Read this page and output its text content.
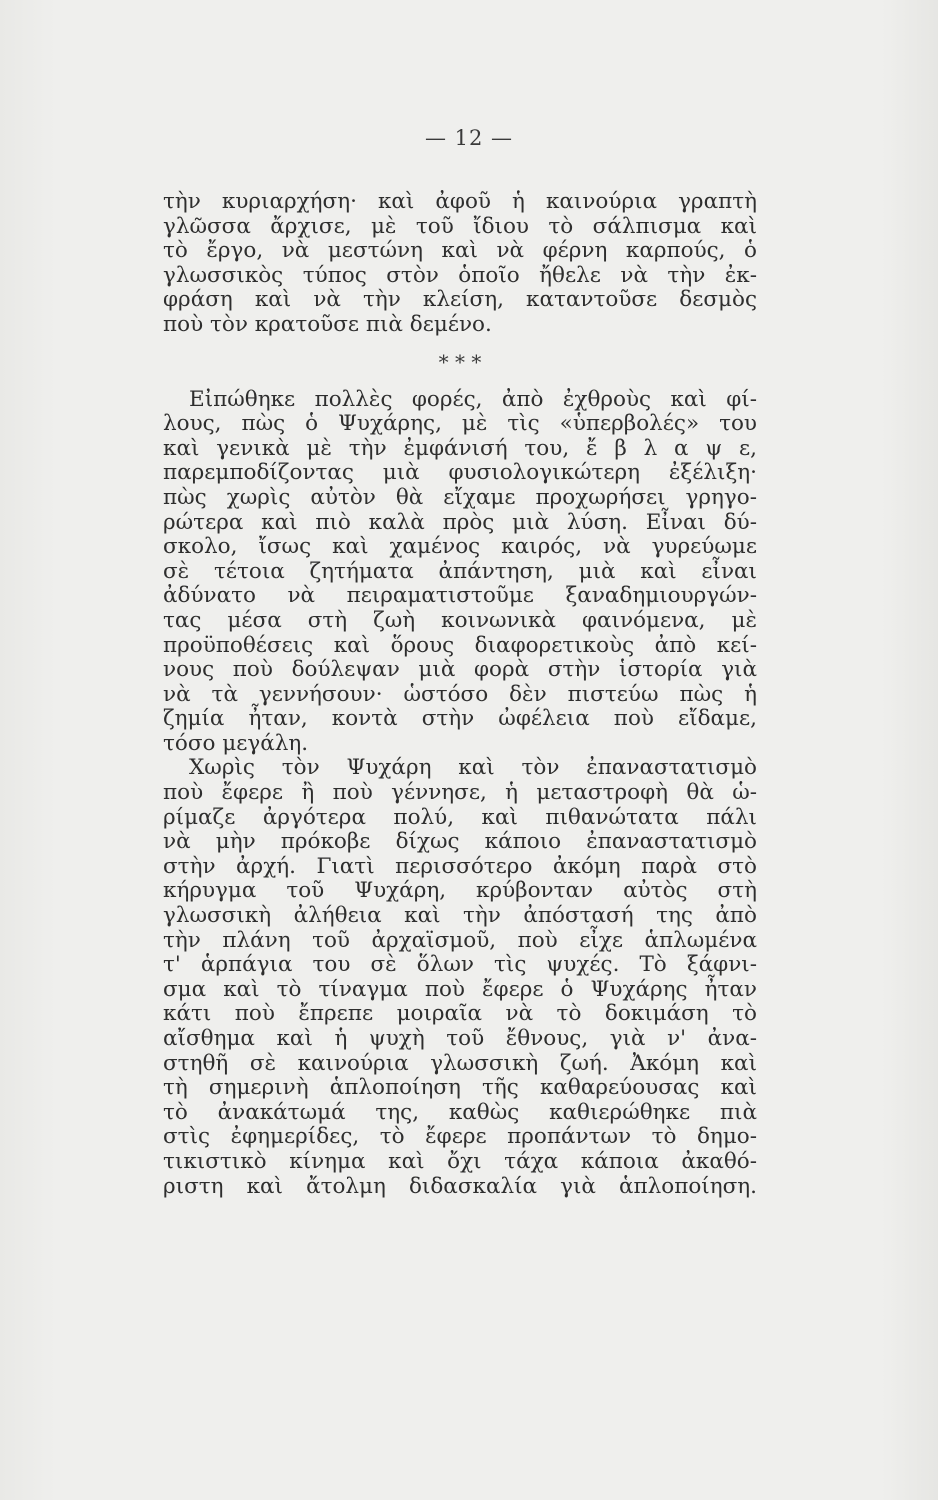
— 12 —
τὴν κυριαρχήση· καὶ ἀφοῦ ἡ καινούρια γραπτὴ
γλῶσσα ἄρχισε, μὲ τοῦ ἴδιου τὸ σάλπισμα καὶ
τὸ ἔργο, νὰ μεστώνη καὶ νὰ φέρνη καρπούς, ὁ
γλωσσικὸς τύπος στὸν ὁποῖο ἤθελε νὰ τὴν ἐκ-
φράση καὶ νὰ τὴν κλείση, καταντοῦσε δεσμὸς
ποὺ τὸν κρατοῦσε πιὰ δεμένο.
* * *
Εἰπώθηκε πολλὲς φορές, ἀπὸ ἐχθροὺς καὶ φί-
λους, πὼς ὁ Ψυχάρης, μὲ τὶς «ὑπερβολές» του
καὶ γενικὰ μὲ τὴν ἐμφάνισή του, ἔ β λ α ψ ε,
παρεμποδίζοντας μιὰ φυσιολογικώτερη ἐξέλιξη·
πὼς χωρὶς αὐτὸν θὰ εἴχαμε προχωρήσει γρηγο-
ρώτερα καὶ πιὸ καλὰ πρὸς μιὰ λύση. Εἶναι δύ-
σκολο, ἴσως καὶ χαμένος καιρός, νὰ γυρεύωμε
σὲ τέτοια ζητήματα ἀπάντηση, μιὰ καὶ εἶναι
ἀδύνατο νὰ πειραματιστοῦμε ξαναδημιουργών-
τας μέσα στὴ ζωὴ κοινωνικὰ φαινόμενα, μὲ
προϋποθέσεις καὶ ὅρους διαφορετικοὺς ἀπὸ κεί-
νους ποὺ δούλεψαν μιὰ φορὰ στὴν ἱστορία γιὰ
νὰ τὰ γεννήσουν· ὡστόσο δὲν πιστεύω πὼς ἡ
ζημία ἦταν, κοντὰ στὴν ὠφέλεια ποὺ εἴδαμε,
τόσο μεγάλη.
Χωρὶς τὸν Ψυχάρη καὶ τὸν ἐπαναστατισμὸ
ποὺ ἔφερε ἢ ποὺ γέννησε, ἡ μεταστροφὴ θὰ ὡ-
ρίμαζε ἀργότερα πολύ, καὶ πιθανώτατα πάλι
νὰ μὴν πρόκοβε δίχως κάποιο ἐπαναστατισμὸ
στὴν ἀρχή. Γιατὶ περισσότερο ἀκόμη παρὰ στὸ
κήρυγμα τοῦ Ψυχάρη, κρύβονταν αὐτὸς στὴ
γλωσσικὴ ἀλήθεια καὶ τὴν ἀπόστασή της ἀπὸ
τὴν πλάνη τοῦ ἀρχαϊσμοῦ, ποὺ εἶχε ἁπλωμένα
τ' ἁρπάγια του σὲ ὅλων τὶς ψυχές. Τὸ ξάφνι-
σμα καὶ τὸ τίναγμα ποὺ ἔφερε ὁ Ψυχάρης ἦταν
κάτι ποὺ ἔπρεπε μοιραῖα νὰ τὸ δοκιμάση τὸ
αἴσθημα καὶ ἡ ψυχὴ τοῦ ἔθνους, γιὰ ν' ἀνα-
στηθῆ σὲ καινούρια γλωσσικὴ ζωή. Ἀκόμη καὶ
τὴ σημερινὴ ἁπλοποίηση τῆς καθαρεύουσας καὶ
τὸ ἀνακάτωμά της, καθὼς καθιερώθηκε πιὰ
στὶς ἐφημερίδες, τὸ ἔφερε προπάντων τὸ δημο-
τικιστικὸ κίνημα καὶ ὄχι τάχα κάποια ἀκαθό-
ριστη καὶ ἄτολμη διδασκαλία γιὰ ἁπλοποίηση.
